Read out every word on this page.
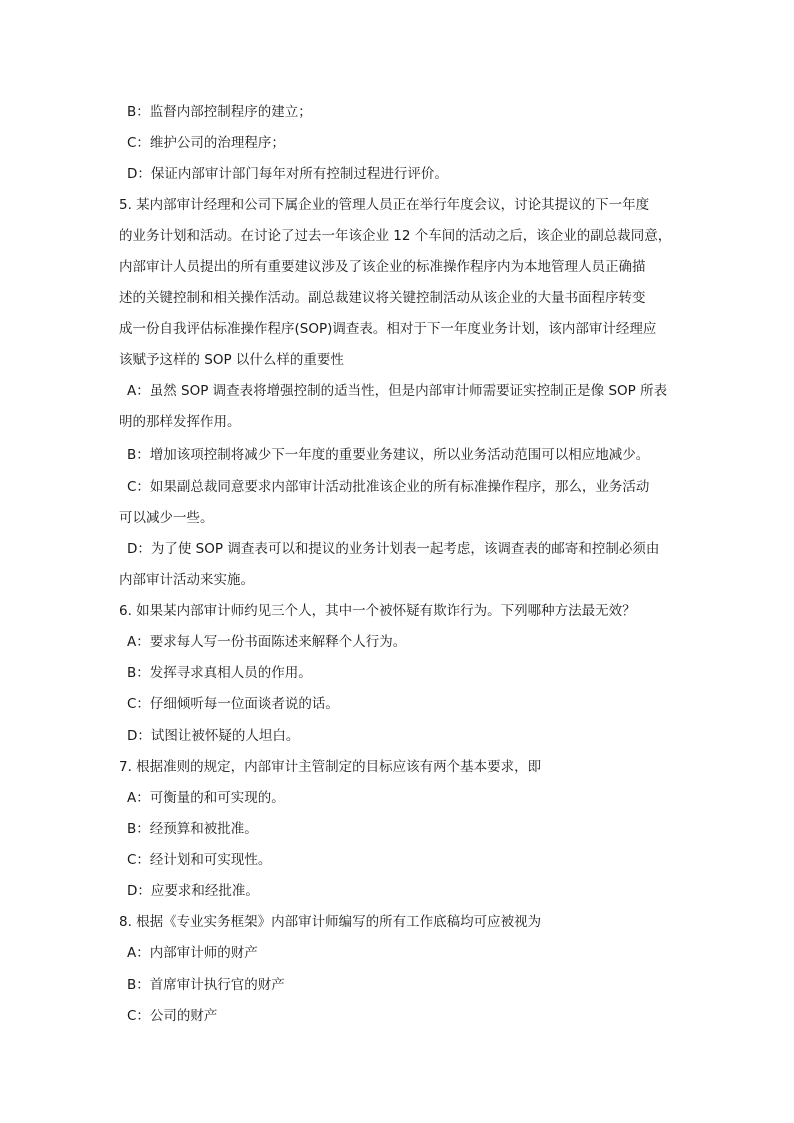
B：监督内部控制程序的建立；
C：维护公司的治理程序；
D：保证内部审计部门每年对所有控制过程进行评价。
5. 某内部审计经理和公司下属企业的管理人员正在举行年度会议，讨论其提议的下一年度
的业务计划和活动。在讨论了过去一年该企业 12 个车间的活动之后，该企业的副总裁同意，
内部审计人员提出的所有重要建议涉及了该企业的标准操作程序内为本地管理人员正确描
述的关键控制和相关操作活动。副总裁建议将关键控制活动从该企业的大量书面程序转变
成一份自我评估标准操作程序(SOP)调查表。相对于下一年度业务计划，该内部审计经理应
该赋予这样的 SOP 以什么样的重要性
A：虽然 SOP 调查表将增强控制的适当性，但是内部审计师需要证实控制正是像 SOP 所表
明的那样发挥作用。
B：增加该项控制将减少下一年度的重要业务建议，所以业务活动范围可以相应地减少。
C：如果副总裁同意要求内部审计活动批准该企业的所有标准操作程序，那么，业务活动
可以减少一些。
D：为了使 SOP 调查表可以和提议的业务计划表一起考虑，该调查表的邮寄和控制必须由
内部审计活动来实施。
6. 如果某内部审计师约见三个人，其中一个被怀疑有欺诈行为。下列哪种方法最无效？
A：要求每人写一份书面陈述来解释个人行为。
B：发挥寻求真相人员的作用。
C：仔细倾听每一位面谈者说的话。
D：试图让被怀疑的人坦白。
7. 根据准则的规定，内部审计主管制定的目标应该有两个基本要求，即
A：可衡量的和可实现的。
B：经预算和被批准。
C：经计划和可实现性。
D：应要求和经批准。
8. 根据《专业实务框架》内部审计师编写的所有工作底稿均可应被视为
A：内部审计师的财产
B：首席审计执行官的财产
C：公司的财产
